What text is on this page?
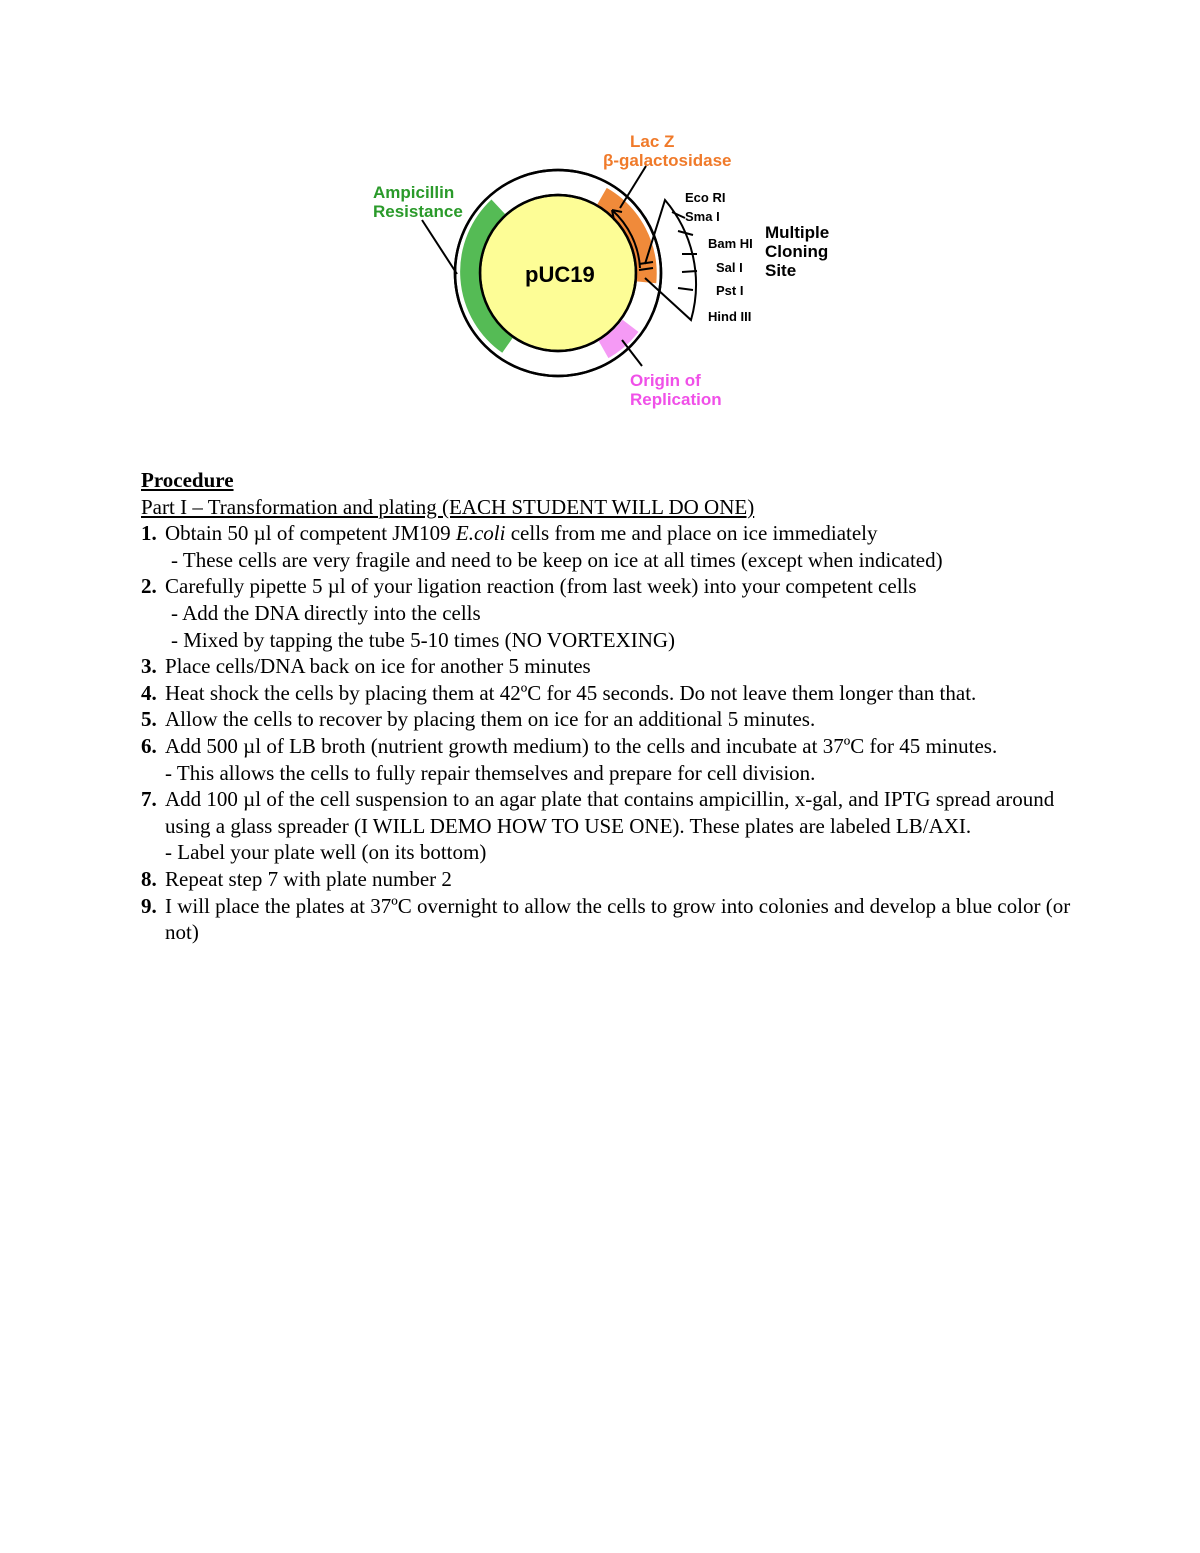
pUC19
Lac Z
β-galactosidase
Ampicillin
Resistance
Multiple
Cloning
Site
Eco RI
Sma I
Bam HI
Sal I
Pst I
Hind III
Origin of
Replication

Procedure

Part I – Transformation and plating (EACH STUDENT WILL DO ONE)

1. Obtain 50 µl of competent JM109 E.coli cells from me and place on ice immediately

- These cells are very fragile and need to be keep on ice at all times (except when indicated)

2. Carefully pipette 5 µl of your ligation reaction (from last week) into your competent cells

- Add the DNA directly into the cells

- Mixed by tapping the tube 5-10 times (NO VORTEXING)

3. Place cells/DNA back on ice for another 5 minutes

4. Heat shock the cells by placing them at 42ºC for 45 seconds. Do not leave them longer than that.

5. Allow the cells to recover by placing them on ice for an additional 5 minutes.

6. Add 500 µl of LB broth (nutrient growth medium) to the cells and incubate at 37ºC for 45 minutes.

- This allows the cells to fully repair themselves and prepare for cell division.

7. Add 100 µl of the cell suspension to an agar plate that contains ampicillin, x-gal, and IPTG spread around using a glass spreader (I WILL DEMO HOW TO USE ONE). These plates are labeled LB/AXI.

- Label your plate well (on its bottom)

8. Repeat step 7 with plate number 2

9. I will place the plates at 37ºC overnight to allow the cells to grow into colonies and develop a blue color (or not)
